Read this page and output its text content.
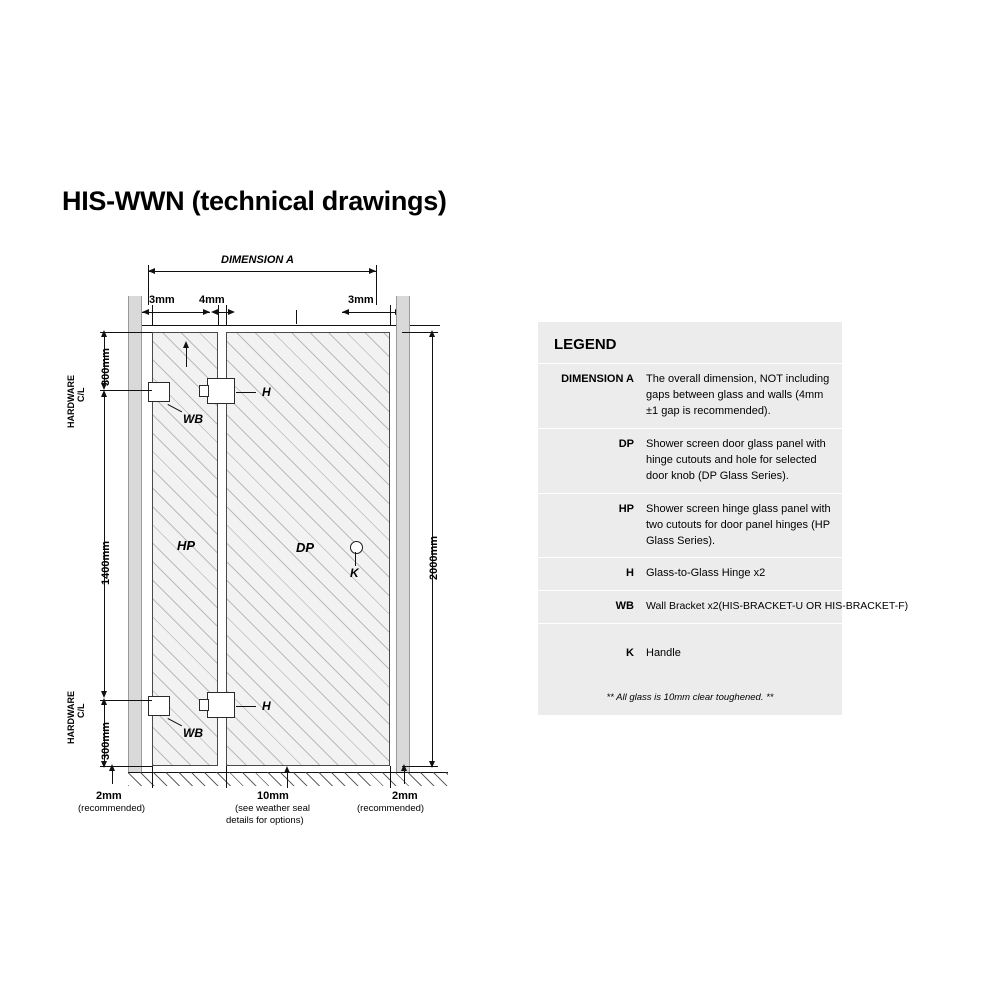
HIS-WWN (technical drawings)
DIMENSION A
3mm 4mm	3mm
HP	DP
H
WB
H
WB
K
300mm
C/L
HARDWARE
1400mm
300mm
C/L
HARDWARE
2000mm
2mm
(recommended)
10mm
(see weather seal
details for options)
2mm
(recommended)
LEGEND
DIMENSION A	The overall dimension, NOT including gaps between glass and walls (4mm ±1 gap is recommended).
DP	Shower screen door glass panel with hinge cutouts and hole for selected door knob (DP Glass Series).
HP	Shower screen hinge glass panel with two cutouts for door panel hinges (HP Glass Series).
H	Glass-to-Glass Hinge x2
WB	Wall Bracket x2(HIS-BRACKET-U OR HIS-BRACKET-F)
K	Handle
** All glass is 10mm clear toughened. **
